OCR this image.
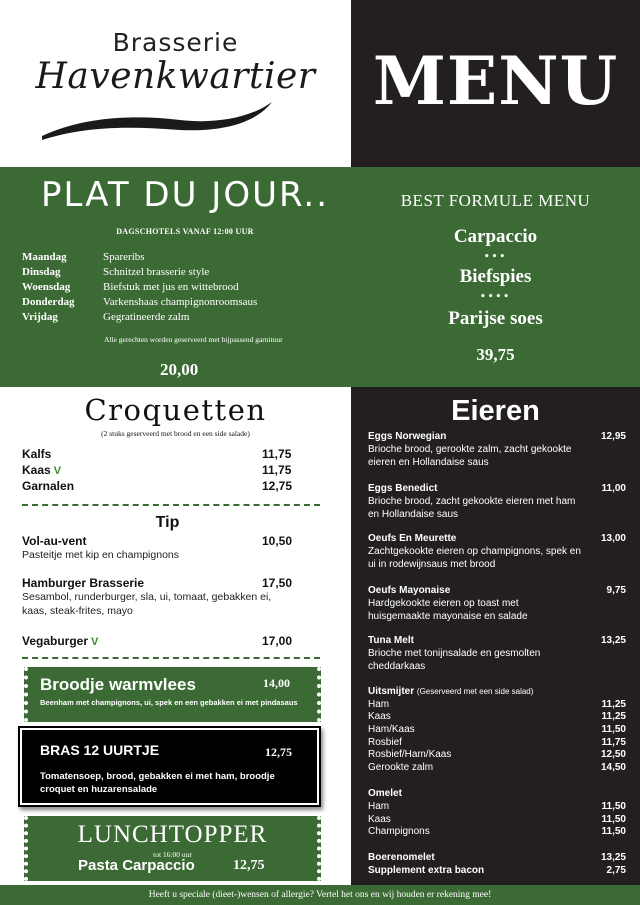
Brasserie
Havenkwartier MENU
PLAT DU JOUR..
DAGSCHOTELS VANAF 12:00 UUR
Maandag	Spareribs
Dinsdag	Schnitzel brasserie style
Woensdag	Biefstuk met jus en wittebrood
Donderdag	Varkenshaas champignonroomsaus
Vrijdag	Gegratineerde zalm
Alle gerechten worden geserveerd met bijpassend garnituur
20,00
BEST FORMULE MENU
Carpaccio
•••
Biefspies
••••
Parijse soes
39,75
Croquetten
(2 stuks geserveerd met brood en een side salade)
Kalfs	11,75
Kaas V	11,75
Garnalen	12,75
Tip
Vol-au-vent	10,50
Pasteitje met kip en champignons
Hamburger Brasserie	17,50
Sesambol, runderburger, sla, ui, tomaat, gebakken ei, kaas, steak-frites, mayo
Vegaburger V	17,00
Broodje warmvlees	14,00
Beenham met champignons, ui, spek en een gebakken ei met pindasaus
BRAS 12 UURTJE	12,75
Tomatensoep, brood, gebakken ei met ham, broodje croquet en huzarensalade
LUNCHTOPPER
tot 16:00 uur
Pasta Carpaccio	12,75
Eieren
Eggs Norwegian	12,95
Brioche brood, gerookte zalm, zacht gekookte eieren en Hollandaise saus
Eggs Benedict	11,00
Brioche brood, zacht gekookte eieren met ham en Hollandaise saus
Oeufs En Meurette	13,00
Zachtgekookte eieren op champignons, spek en ui in rodewijnsaus met brood
Oeufs Mayonaise	9,75
Hardgekookte eieren op toast met huisgemaakte mayonaise en salade
Tuna Melt	13,25
Brioche met tonijnsalade en gesmolten cheddarkaas
Uitsmijter (Geserveerd met een side salad)
Ham	11,25
Kaas	11,25
Ham/Kaas	11,50
Rosbief	11,75
Rosbief/Ham/Kaas	12,50
Gerookte zalm	14,50
Omelet
Ham	11,50
Kaas	11,50
Champignons	11,50
Boerenomelet	13,25
Supplement extra bacon	2,75
Heeft u speciale (dieet-)wensen of allergie? Vertel het ons en wij houden er rekening mee!
